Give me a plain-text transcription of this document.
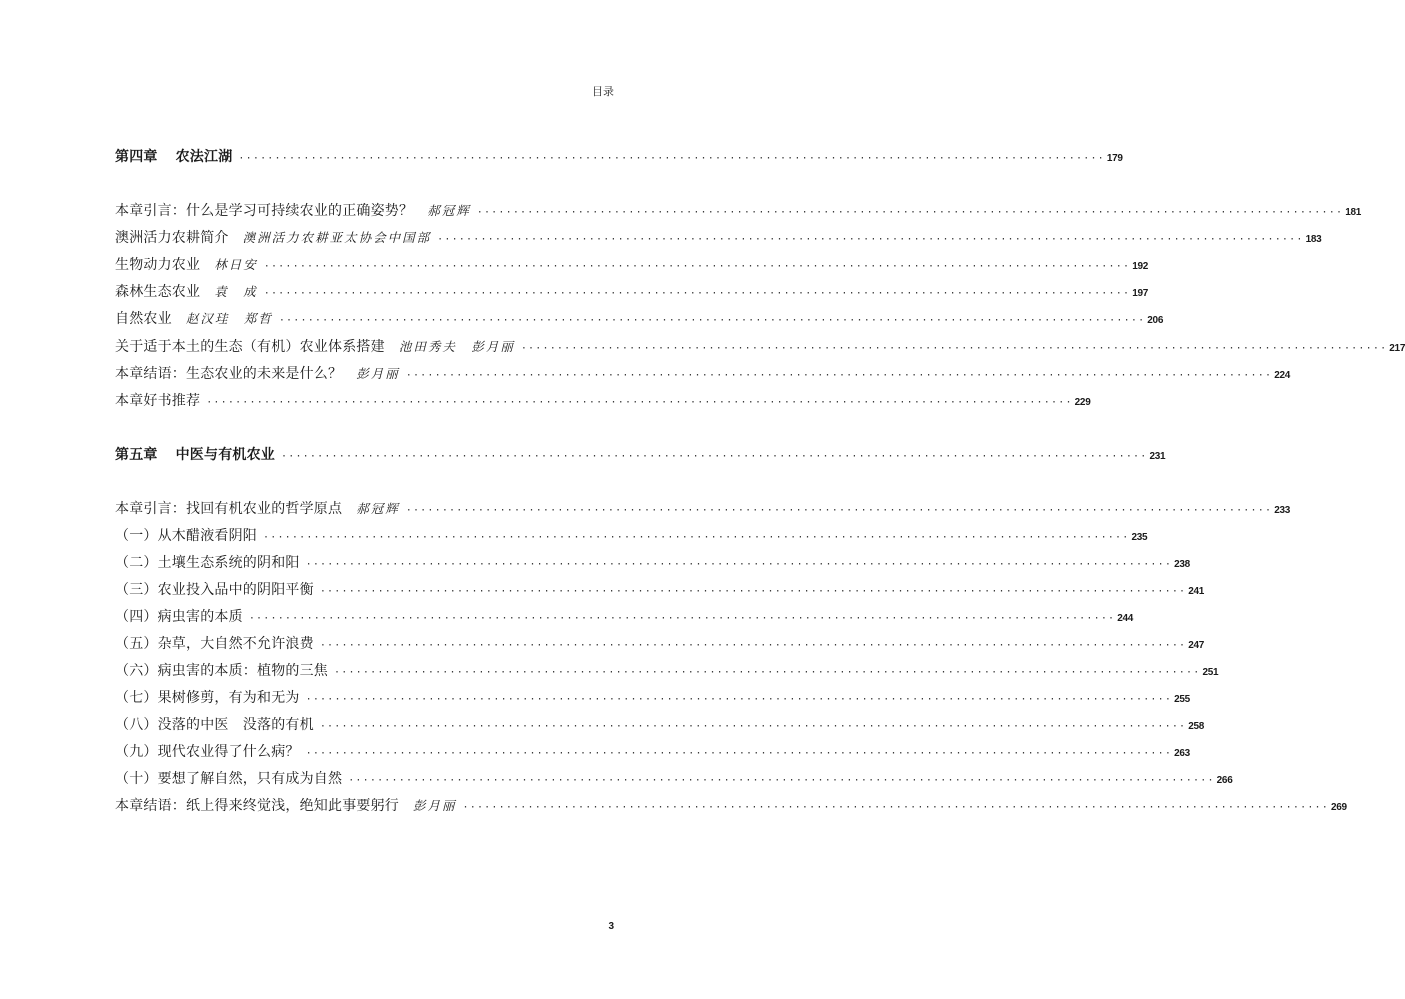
目录
第四章 农法江湖 ························································································································ 179
本章引言：什么是学习可持续农业的正确姿势？ 郝冠辉 ························································································································ 181
澳洲活力农耕简介 澳洲活力农耕亚太协会中国部 ························································································································ 183
生物动力农业 林日安 ························································································································ 192
森林生态农业 袁　成 ························································································································ 197
自然农业 赵汉珪　郑哲 ························································································································ 206
关于适于本土的生态（有机）农业体系搭建 池田秀夫　彭月丽 ························································································································ 217
本章结语：生态农业的未来是什么？ 彭月丽 ························································································································ 224
本章好书推荐 ························································································································ 229
第五章 中医与有机农业 ························································································································ 231
本章引言：找回有机农业的哲学原点 郝冠辉 ························································································································ 233
（一）从木醋液看阴阳 ························································································································ 235
（二）土壤生态系统的阴和阳 ························································································································ 238
（三）农业投入品中的阴阳平衡 ························································································································ 241
（四）病虫害的本质 ························································································································ 244
（五）杂草，大自然不允许浪费 ························································································································ 247
（六）病虫害的本质：植物的三焦 ························································································································ 251
（七）果树修剪，有为和无为 ························································································································ 255
（八）没落的中医　没落的有机 ························································································································ 258
（九）现代农业得了什么病？ ························································································································ 263
（十）要想了解自然，只有成为自然 ························································································································ 266
本章结语：纸上得来终觉浅，绝知此事要躬行 彭月丽 ························································································································ 269
3
